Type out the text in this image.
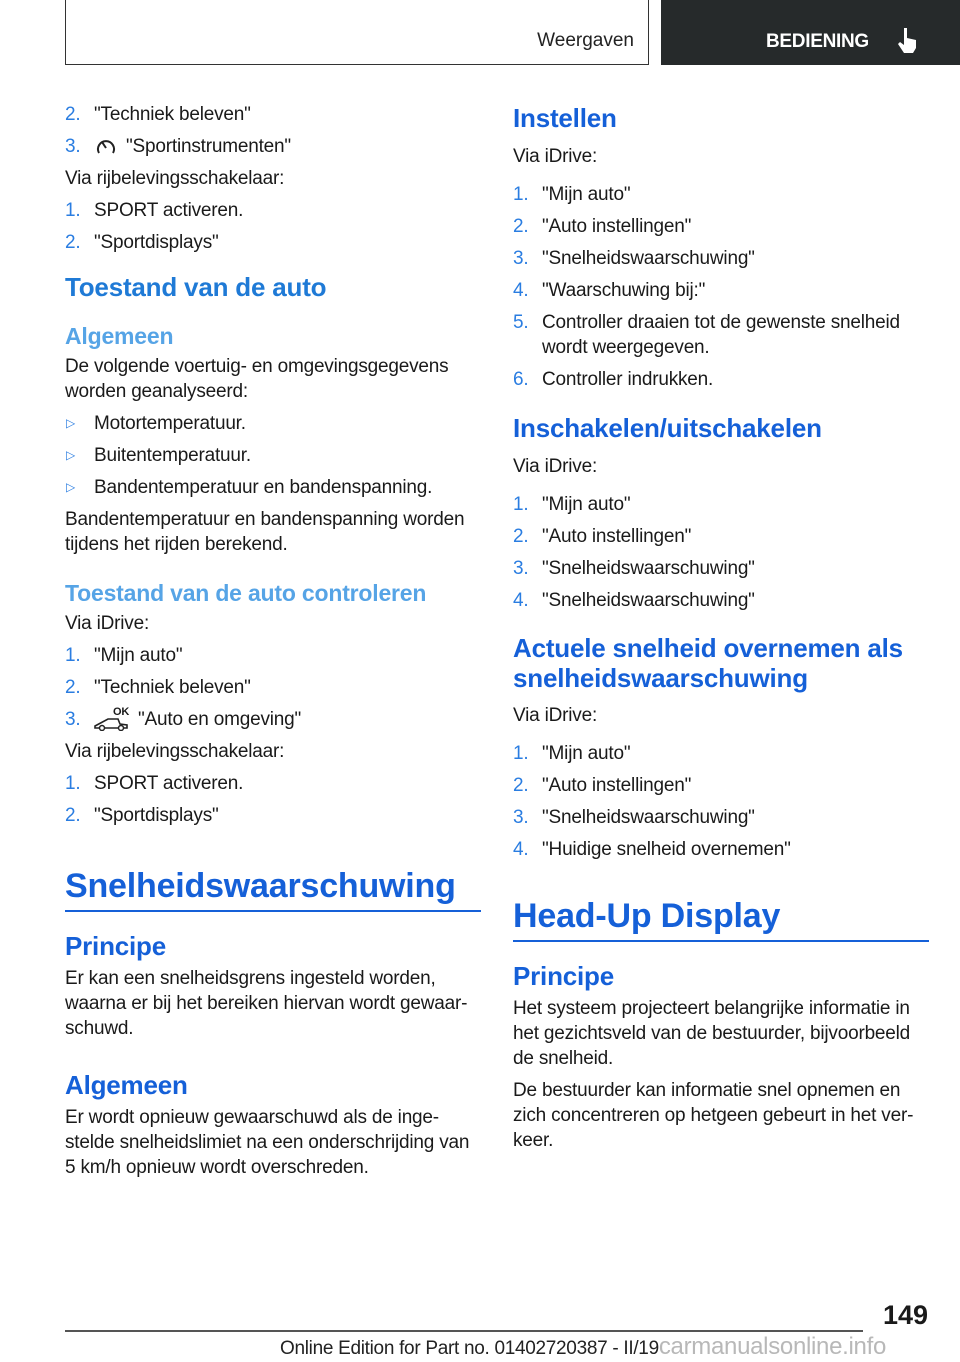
Weergaven	BEDIENING
2. "Techniek beleven"
3. "Sportinstrumenten"

Via rijbelevingsschakelaar:

1. SPORT activeren.
2. "Sportdisplays"
Toestand van de auto
Algemeen

De volgende voertuig- en omgevingsgegevens worden geanalyseerd:

▷ Motortemperatuur.
▷ Buitentemperatuur.
▷ Bandentemperatuur en bandenspanning.

Bandentemperatuur en bandenspanning worden tijdens het rijden berekend.

Toestand van de auto controleren

Via iDrive:

1. "Mijn auto"
2. "Techniek beleven"
3.	OK "Auto en omgeving"

Via rijbelevingsschakelaar:

1. SPORT activeren.
2. "Sportdisplays"
Snelheidswaarschuwing
Principe

Er kan een snelheidsgrens ingesteld worden, waarna er bij het bereiken hiervan wordt gewaarschuwd.

Algemeen

Er wordt opnieuw gewaarschuwd als de ingestelde snelheidslimiet na een onderschrijding van 5 km/h opnieuw wordt overschreden.

Instellen

Via iDrive:

1. "Mijn auto"
2. "Auto instellingen"
3. "Snelheidswaarschuwing"
4. "Waarschuwing bij:"
5. Controller draaien tot de gewenste snelheid wordt weergegeven.
6. Controller indrukken.
Inschakelen/uitschakelen

Via iDrive:

1. "Mijn auto"
2. "Auto instellingen"
3. "Snelheidswaarschuwing"
4. "Snelheidswaarschuwing"
Actuele snelheid overnemen als snelheidswaarschuwing

Via iDrive:

1. "Mijn auto"
2. "Auto instellingen"
3. "Snelheidswaarschuwing"
4. "Huidige snelheid overnemen"
Head-Up Display
Principe

Het systeem projecteert belangrijke informatie in het gezichtsveld van de bestuurder, bijvoorbeeld de snelheid.

De bestuurder kan informatie snel opnemen en zich concentreren op hetgeen gebeurt in het verkeer.

149
Online Edition for Part no. 01402720387 - II/19carmanualsonline.info
